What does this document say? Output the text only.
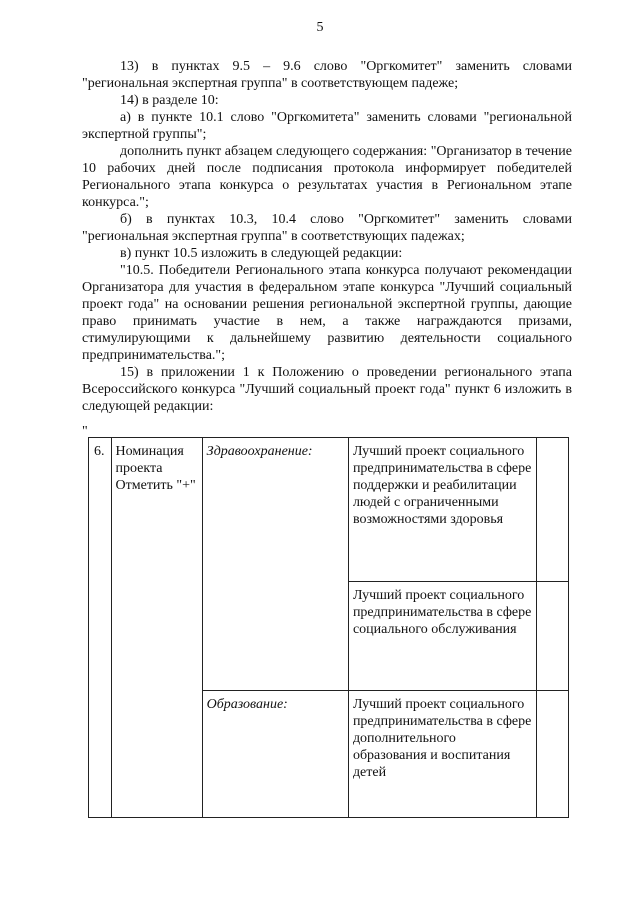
5

13) в пунктах 9.5 – 9.6 слово "Оргкомитет" заменить словами "региональная экспертная группа" в соответствующем падеже;

14) в разделе 10:

а) в пункте 10.1 слово "Оргкомитета" заменить словами "региональной экспертной группы";

дополнить пункт абзацем следующего содержания: "Организатор в течение 10 рабочих дней после подписания протокола информирует победителей Регионального этапа конкурса о результатах участия в Региональном этапе конкурса.";

б) в пунктах 10.3, 10.4 слово "Оргкомитет" заменить словами "региональная экспертная группа" в соответствующих падежах;

в) пункт 10.5 изложить в следующей редакции:

"10.5. Победители Регионального этапа конкурса получают рекомендации Организатора для участия в федеральном этапе конкурса "Лучший социальный проект года" на основании решения региональной экспертной группы, дающие право принимать участие в нем, а также награждаются призами, стимулирующими к дальнейшему развитию деятельности социального предпринимательства.";

15) в приложении 1 к Положению о проведении регионального этапа Всероссийского конкурса "Лучший социальный проект года" пункт 6 изложить в следующей редакции:

"
6.	Номинация проекта Отметить "+"	Здравоохранение:	Лучший проект социального предпринимательства в сфере поддержки и реабилитации людей с ограниченными возможностями здоровья	
			Лучший проект социального предпринимательства в сфере социального обслуживания	
		Образование:	Лучший проект социального предпринимательства в сфере дополнительного образования и воспитания детей	
